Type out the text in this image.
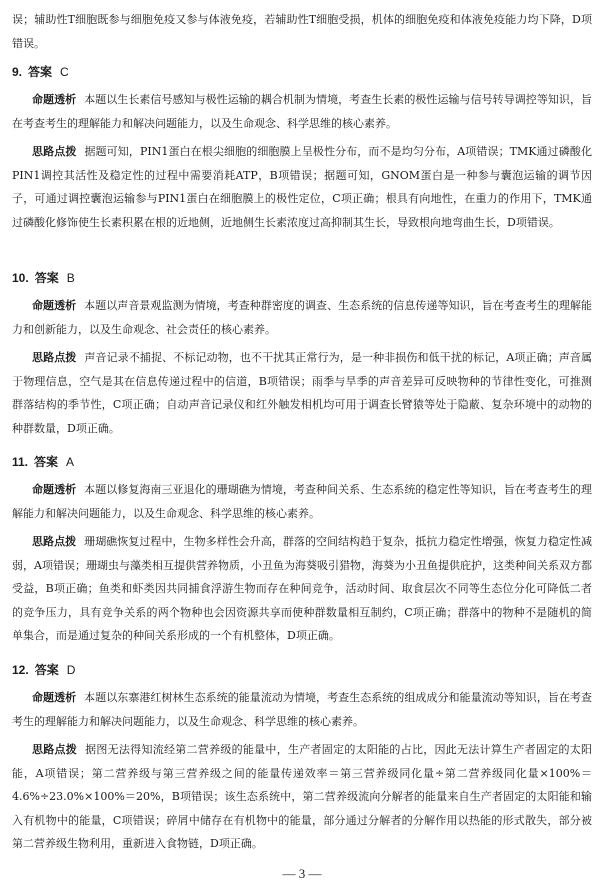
误；辅助性T细胞既参与细胞免疫又参与体液免疫，若辅助性T细胞受损，机体的细胞免疫和体液免疫能力均下降，D项错误。
9. 答案 C
命题透析 本题以生长素信号感知与极性运输的耦合机制为情境，考查生长素的极性运输与信号转导调控等知识，旨在考查考生的理解能力和解决问题能力，以及生命观念、科学思维的核心素养。
思路点拨 据题可知，PIN1蛋白在根尖细胞的细胞膜上呈极性分布，而不是均匀分布，A项错误；TMK通过磷酸化PIN1调控其活性及稳定性的过程中需要消耗ATP，B项错误；据题可知，GNOM蛋白是一种参与囊泡运输的调节因子，可通过调控囊泡运输参与PIN1蛋白在细胞膜上的极性定位，C项正确；根具有向地性，在重力的作用下，TMK通过磷酸化修饰使生长素积累在根的近地侧，近地侧生长素浓度过高抑制其生长，导致根向地弯曲生长，D项错误。
10. 答案 B
命题透析 本题以声音景观监测为情境，考查种群密度的调查、生态系统的信息传递等知识，旨在考查考生的理解能力和创新能力，以及生命观念、社会责任的核心素养。
思路点拨 声音记录不捕捉、不标记动物，也不干扰其正常行为，是一种非损伤和低干扰的标记，A项正确；声音属于物理信息，空气是其在信息传递过程中的信道，B项错误；雨季与旱季的声音差异可反映物种的节律性变化，可推测群落结构的季节性，C项正确；自动声音记录仪和红外触发相机均可用于调查长臂猿等处于隐蔽、复杂环境中的动物的种群数量，D项正确。
11. 答案 A
命题透析 本题以修复海南三亚退化的珊瑚礁为情境，考查种间关系、生态系统的稳定性等知识，旨在考查考生的理解能力和解决问题能力，以及生命观念、科学思维的核心素养。
思路点拨 珊瑚礁恢复过程中，生物多样性会升高，群落的空间结构趋于复杂，抵抗力稳定性增强，恢复力稳定性减弱，A项错误；珊瑚虫与藻类相互提供营养物质，小丑鱼为海葵吸引猎物，海葵为小丑鱼提供庇护，这类种间关系双方都受益，B项正确；鱼类和虾类因共同捕食浮游生物而存在种间竞争，活动时间、取食层次不同等生态位分化可降低二者的竞争压力，具有竞争关系的两个物种也会因资源共享而使种群数量相互制约，C项正确；群落中的物种不是随机的简单集合，而是通过复杂的种间关系形成的一个有机整体，D项正确。
12. 答案 D
命题透析 本题以东寨港红树林生态系统的能量流动为情境，考查生态系统的组成成分和能量流动等知识，旨在考查考生的理解能力和解决问题能力，以及生命观念、科学思维的核心素养。
思路点拨 据图无法得知流经第二营养级的能量中，生产者固定的太阳能的占比，因此无法计算生产者固定的太阳能，A项错误；第二营养级与第三营养级之间的能量传递效率＝第三营养级同化量÷第二营养级同化量×100%＝4.6%÷23.0%×100%＝20%，B项错误；该生态系统中，第二营养级流向分解者的能量来自生产者固定的太阳能和输入有机物中的能量，C项错误；碎屑中储存在有机物中的能量，部分通过分解者的分解作用以热能的形式散失，部分被第二营养级生物利用，重新进入食物链，D项正确。
— 3 —
